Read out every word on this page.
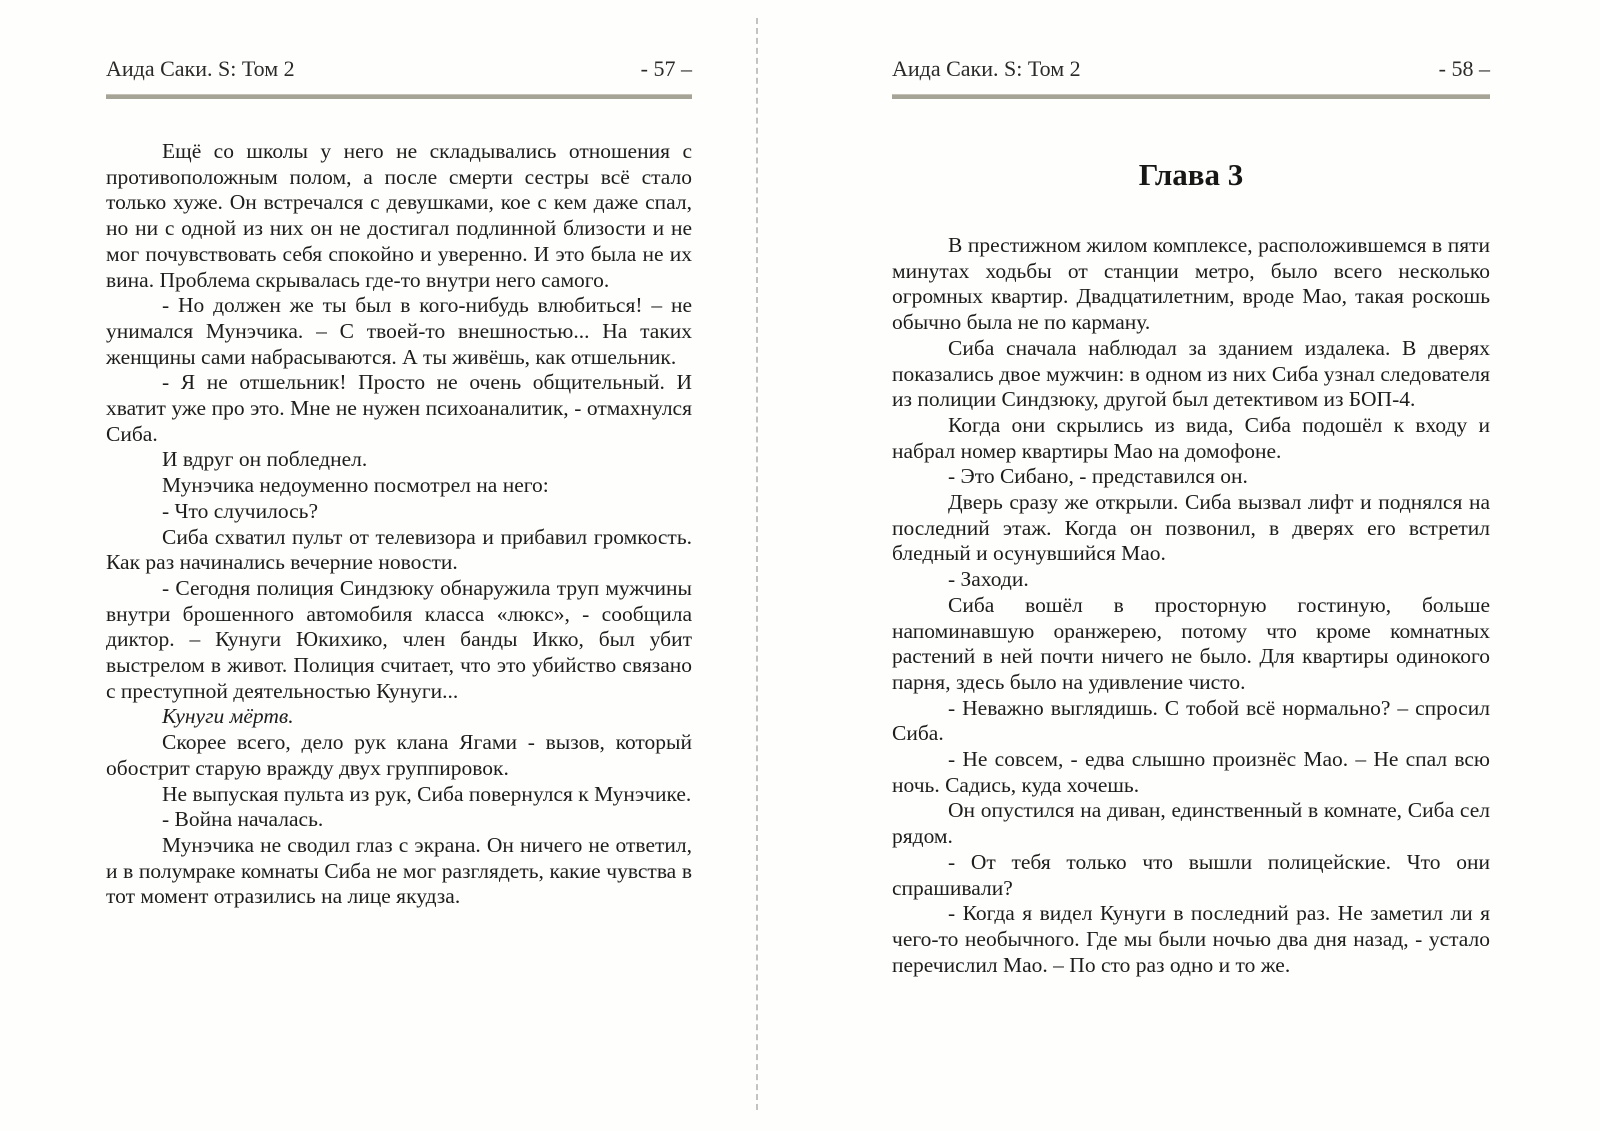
Аида Саки. S: Том 2	- 57 –

Ещё со школы у него не складывались отношения с противоположным полом, а после смерти сестры всё стало только хуже. Он встречался с девушками, кое с кем даже спал, но ни с одной из них он не достигал подлинной близости и не мог почувствовать себя спокойно и уверенно. И это была не их вина. Проблема скрывалась где-то внутри него самого.

- Но должен же ты был в кого-нибудь влюбиться! – не унимался Мунэчика. – С твоей-то внешностью... На таких женщины сами набрасываются. А ты живёшь, как отшельник.

- Я не отшельник! Просто не очень общительный. И хватит уже про это. Мне не нужен психоаналитик, - отмахнулся Сиба.

И вдруг он побледнел.

Мунэчика недоуменно посмотрел на него:

- Что случилось?

Сиба схватил пульт от телевизора и прибавил громкость. Как раз начинались вечерние новости.

- Сегодня полиция Синдзюку обнаружила труп мужчины внутри брошенного автомобиля класса «люкс», - сообщила диктор. – Кунуги Юкихико, член банды Икко, был убит выстрелом в живот. Полиция считает, что это убийство связано с преступной деятельностью Кунуги...

Кунуги мёртв.

Скорее всего, дело рук клана Ягами - вызов, который обострит старую вражду двух группировок.

Не выпуская пульта из рук, Сиба повернулся к Мунэчике.

- Война началась.

Мунэчика не сводил глаз с экрана. Он ничего не ответил, и в полумраке комнаты Сиба не мог разглядеть, какие чувства в тот момент отразились на лице якудза.

Аида Саки. S: Том 2	- 58 –
Глава 3

В престижном жилом комплексе, расположившемся в пяти минутах ходьбы от станции метро, было всего несколько огромных квартир. Двадцатилетним, вроде Мао, такая роскошь обычно была не по карману.

Сиба сначала наблюдал за зданием издалека. В дверях показались двое мужчин: в одном из них Сиба узнал следователя из полиции Синдзюку, другой был детективом из БОП-4.

Когда они скрылись из вида, Сиба подошёл к входу и набрал номер квартиры Мао на домофоне.

- Это Сибано, - представился он.

Дверь сразу же открыли. Сиба вызвал лифт и поднялся на последний этаж. Когда он позвонил, в дверях его встретил бледный и осунувшийся Мао.

- Заходи.

Сиба вошёл в просторную гостиную, больше напоминавшую оранжерею, потому что кроме комнатных растений в ней почти ничего не было. Для квартиры одинокого парня, здесь было на удивление чисто.

- Неважно выглядишь. С тобой всё нормально? – спросил Сиба.

- Не совсем, - едва слышно произнёс Мао. – Не спал всю ночь. Садись, куда хочешь.

Он опустился на диван, единственный в комнате, Сиба сел рядом.

- От тебя только что вышли полицейские. Что они спрашивали?

- Когда я видел Кунуги в последний раз. Не заметил ли я чего-то необычного. Где мы были ночью два дня назад, - устало перечислил Мао. – По сто раз одно и то же.
